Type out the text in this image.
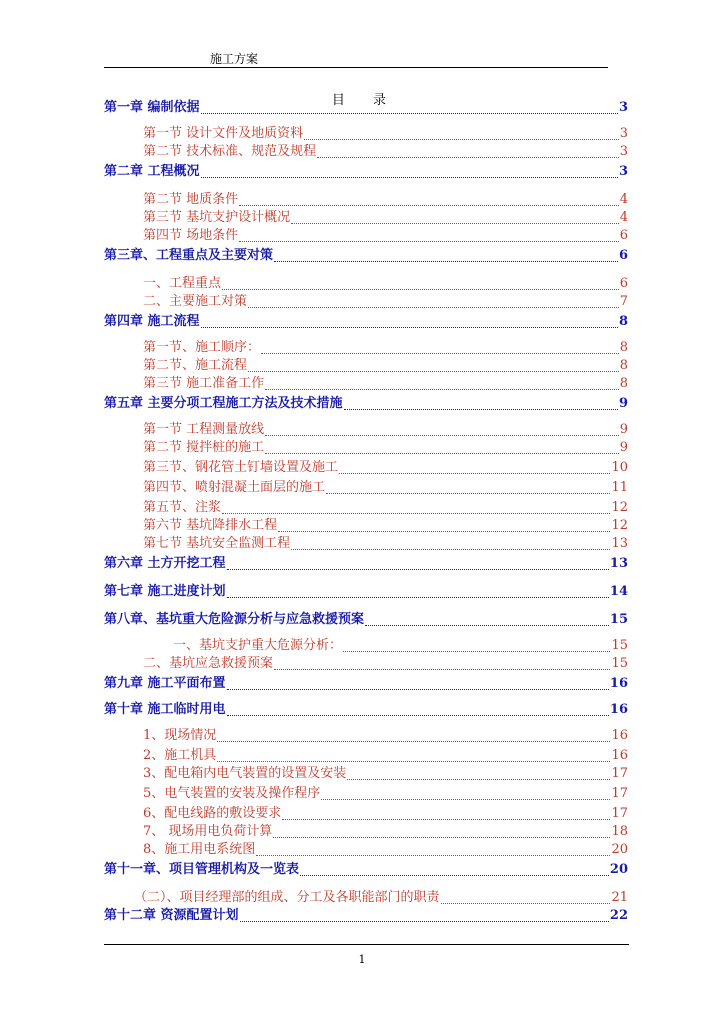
施工方案
目 录
第一章 编制依据	3
第一节 设计文件及地质资料	3
第二节 技术标准、规范及规程	3
第二章 工程概况	3
第二节 地质条件	4
第三节 基坑支护设计概况	4
第四节 场地条件	6
第三章、工程重点及主要对策	6
一、工程重点	6
二、主要施工对策	7
第四章 施工流程	8
第一节、施工顺序：	8
第二节、施工流程	8
第三节 施工准备工作	8
第五章 主要分项工程施工方法及技术措施	9
第一节 工程测量放线	9
第二节 搅拌桩的施工	9
第三节、钢花管土钉墙设置及施工	10
第四节、喷射混凝土面层的施工	11
第五节、注浆	12
第六节 基坑降排水工程	12
第七节 基坑安全监测工程	13
第六章 土方开挖工程	13
第七章 施工进度计划	14
第八章、基坑重大危险源分析与应急救援预案	15
一、基坑支护重大危源分析：	15
二、基坑应急救援预案	15
第九章 施工平面布置	16
第十章 施工临时用电	16
1、现场情况	16
2、施工机具	16
3、配电箱内电气装置的设置及安装	17
5、电气装置的安装及操作程序	17
6、配电线路的敷设要求	17
7、 现场用电负荷计算	18
8、施工用电系统图	20
第十一章、项目管理机构及一览表	20
（二）、项目经理部的组成、分工及各职能部门的职责	21
第十二章 资源配置计划	22
1
